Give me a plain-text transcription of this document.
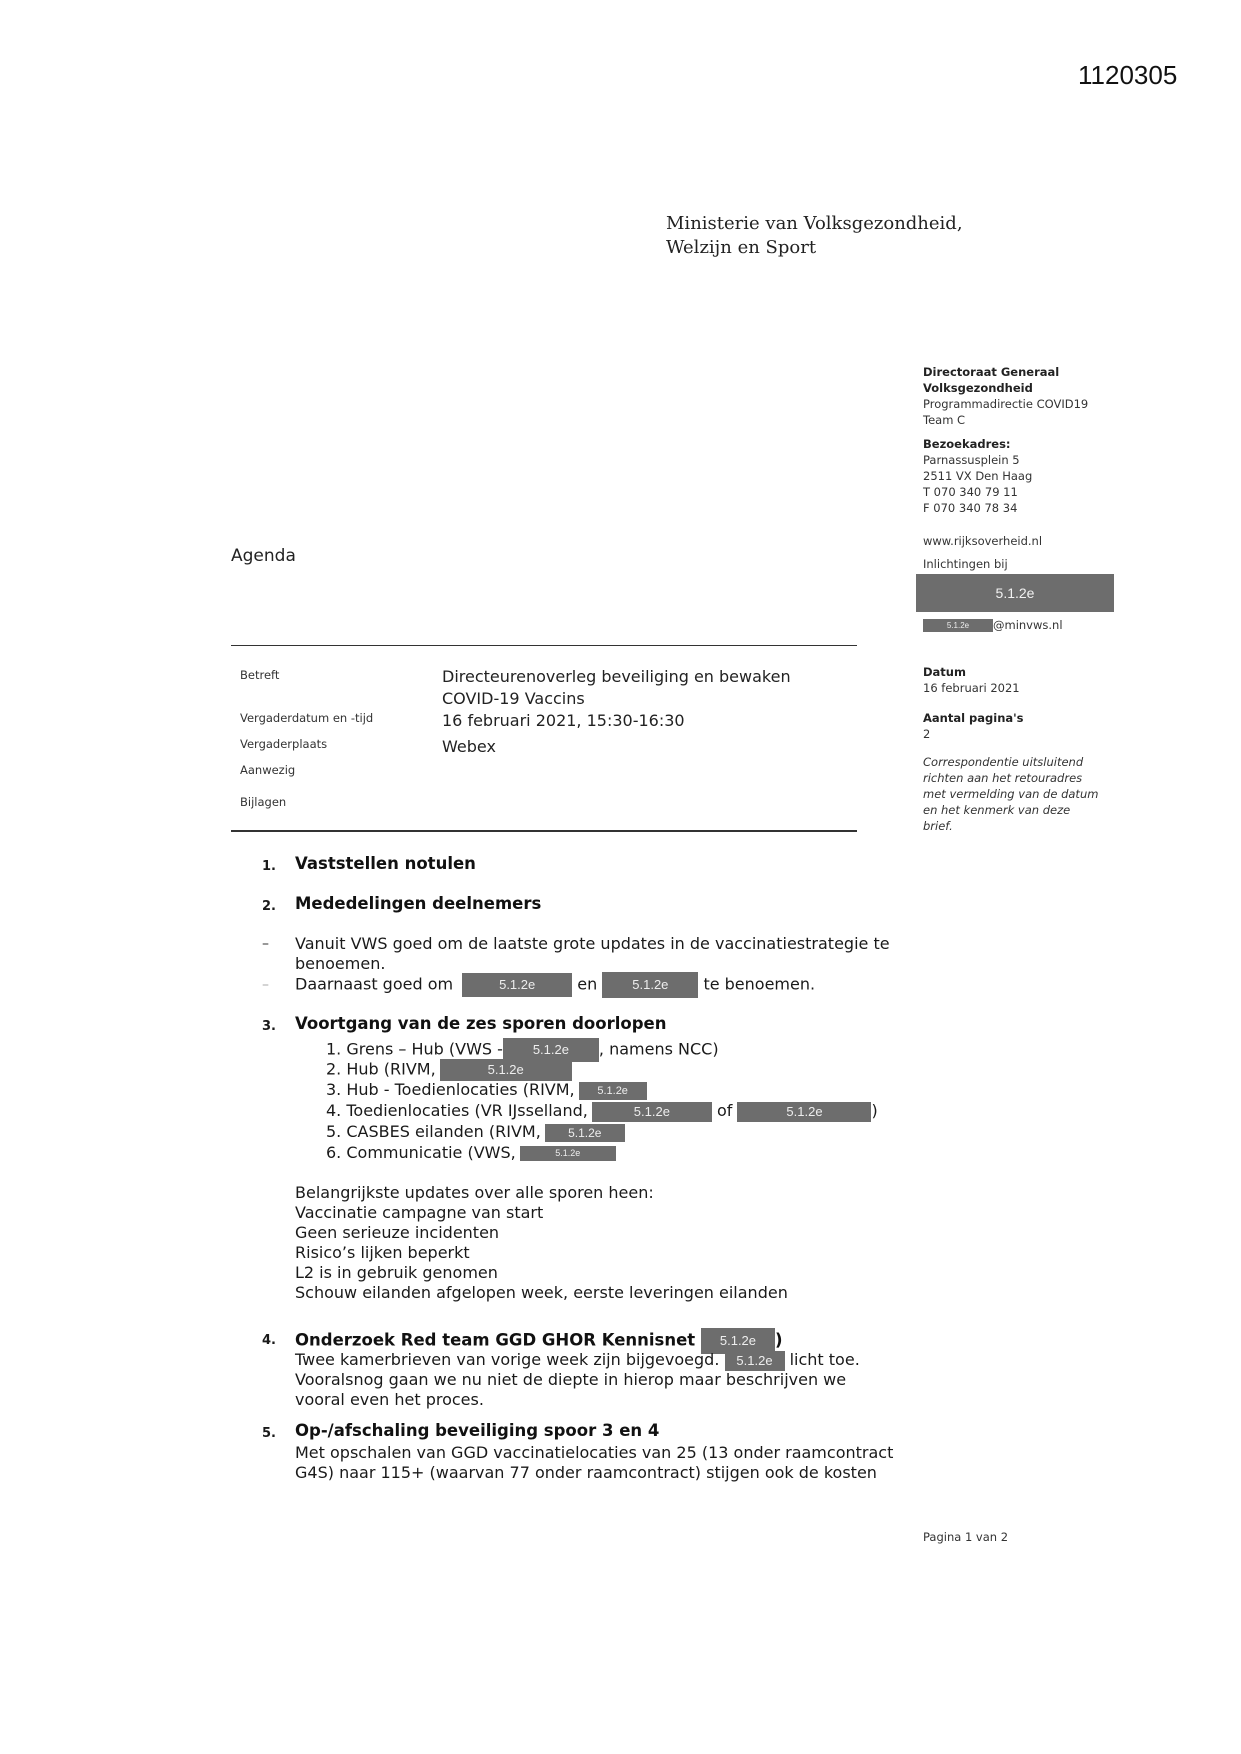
1120305
Ministerie van Volksgezondheid,
Welzijn en Sport
Directoraat Generaal
Volksgezondheid
Programmadirectie COVID19
Team C
Bezoekadres:
Parnassusplein 5
2511 VX Den Haag
T 070 340 79 11
F 070 340 78 34
www.rijksoverheid.nl
Inlichtingen bij
5.1.2e
5.1.2e @minvws.nl
Datum
16 februari 2021
Aantal pagina's
2
Correspondentie uitsluitend
richten aan het retouradres
met vermelding van de datum
en het kenmerk van deze
brief.
Agenda
Betreft	Directeurenoverleg beveiliging en bewaken
COVID-19 Vaccins
Vergaderdatum en -tijd	16 februari 2021, 15:30-16:30
Vergaderplaats	Webex
Aanwezig
Bijlagen
1. Vaststellen notulen
2. Mededelingen deelnemers
– Vanuit VWS goed om de laatste grote updates in de vaccinatiestrategie te
benoemen.
– Daarnaast goed om	5.1.2e	en	5.1.2e te benoemen.
3. Voortgang van de zes sporen doorlopen
1. Grens – Hub (VWS - 5.1.2e , namens NCC)
2. Hub (RIVM,	5.1.2e
3. Hub - Toedienlocaties (RIVM, 5.1.2e
4. Toedienlocaties (VR IJsselland,	5.1.2e	of	5.1.2e	)
5. CASBES eilanden (RIVM, 5.1.2e
6. Communicatie (VWS,	5.1.2e
Belangrijkste updates over alle sporen heen:
Vaccinatie campagne van start
Geen serieuze incidenten
Risico’s lijken beperkt
L2 is in gebruik genomen
Schouw eilanden afgelopen week, eerste leveringen eilanden
4. Onderzoek Red team GGD GHOR Kennisnet 5.1.2e )
Twee kamerbrieven van vorige week zijn bijgevoegd. 5.1.2e licht toe.
Vooralsnog gaan we nu niet de diepte in hierop maar beschrijven we
vooral even het proces.
5. Op-/afschaling beveiliging spoor 3 en 4
Met opschalen van GGD vaccinatielocaties van 25 (13 onder raamcontract
G4S) naar 115+ (waarvan 77 onder raamcontract) stijgen ook de kosten
Pagina 1 van 2
